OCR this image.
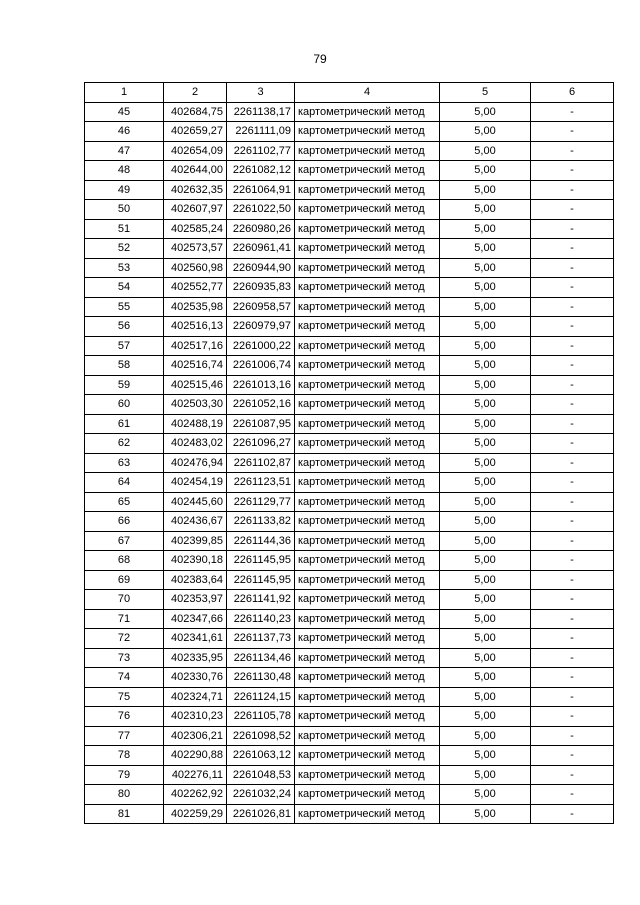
79
1	2	3	4	5	6
45	402684,75	2261138,17	картометрический метод	5,00	-
46	402659,27	2261111,09	картометрический метод	5,00	-
47	402654,09	2261102,77	картометрический метод	5,00	-
48	402644,00	2261082,12	картометрический метод	5,00	-
49	402632,35	2261064,91	картометрический метод	5,00	-
50	402607,97	2261022,50	картометрический метод	5,00	-
51	402585,24	2260980,26	картометрический метод	5,00	-
52	402573,57	2260961,41	картометрический метод	5,00	-
53	402560,98	2260944,90	картометрический метод	5,00	-
54	402552,77	2260935,83	картометрический метод	5,00	-
55	402535,98	2260958,57	картометрический метод	5,00	-
56	402516,13	2260979,97	картометрический метод	5,00	-
57	402517,16	2261000,22	картометрический метод	5,00	-
58	402516,74	2261006,74	картометрический метод	5,00	-
59	402515,46	2261013,16	картометрический метод	5,00	-
60	402503,30	2261052,16	картометрический метод	5,00	-
61	402488,19	2261087,95	картометрический метод	5,00	-
62	402483,02	2261096,27	картометрический метод	5,00	-
63	402476,94	2261102,87	картометрический метод	5,00	-
64	402454,19	2261123,51	картометрический метод	5,00	-
65	402445,60	2261129,77	картометрический метод	5,00	-
66	402436,67	2261133,82	картометрический метод	5,00	-
67	402399,85	2261144,36	картометрический метод	5,00	-
68	402390,18	2261145,95	картометрический метод	5,00	-
69	402383,64	2261145,95	картометрический метод	5,00	-
70	402353,97	2261141,92	картометрический метод	5,00	-
71	402347,66	2261140,23	картометрический метод	5,00	-
72	402341,61	2261137,73	картометрический метод	5,00	-
73	402335,95	2261134,46	картометрический метод	5,00	-
74	402330,76	2261130,48	картометрический метод	5,00	-
75	402324,71	2261124,15	картометрический метод	5,00	-
76	402310,23	2261105,78	картометрический метод	5,00	-
77	402306,21	2261098,52	картометрический метод	5,00	-
78	402290,88	2261063,12	картометрический метод	5,00	-
79	402276,11	2261048,53	картометрический метод	5,00	-
80	402262,92	2261032,24	картометрический метод	5,00	-
81	402259,29	2261026,81	картометрический метод	5,00	-
